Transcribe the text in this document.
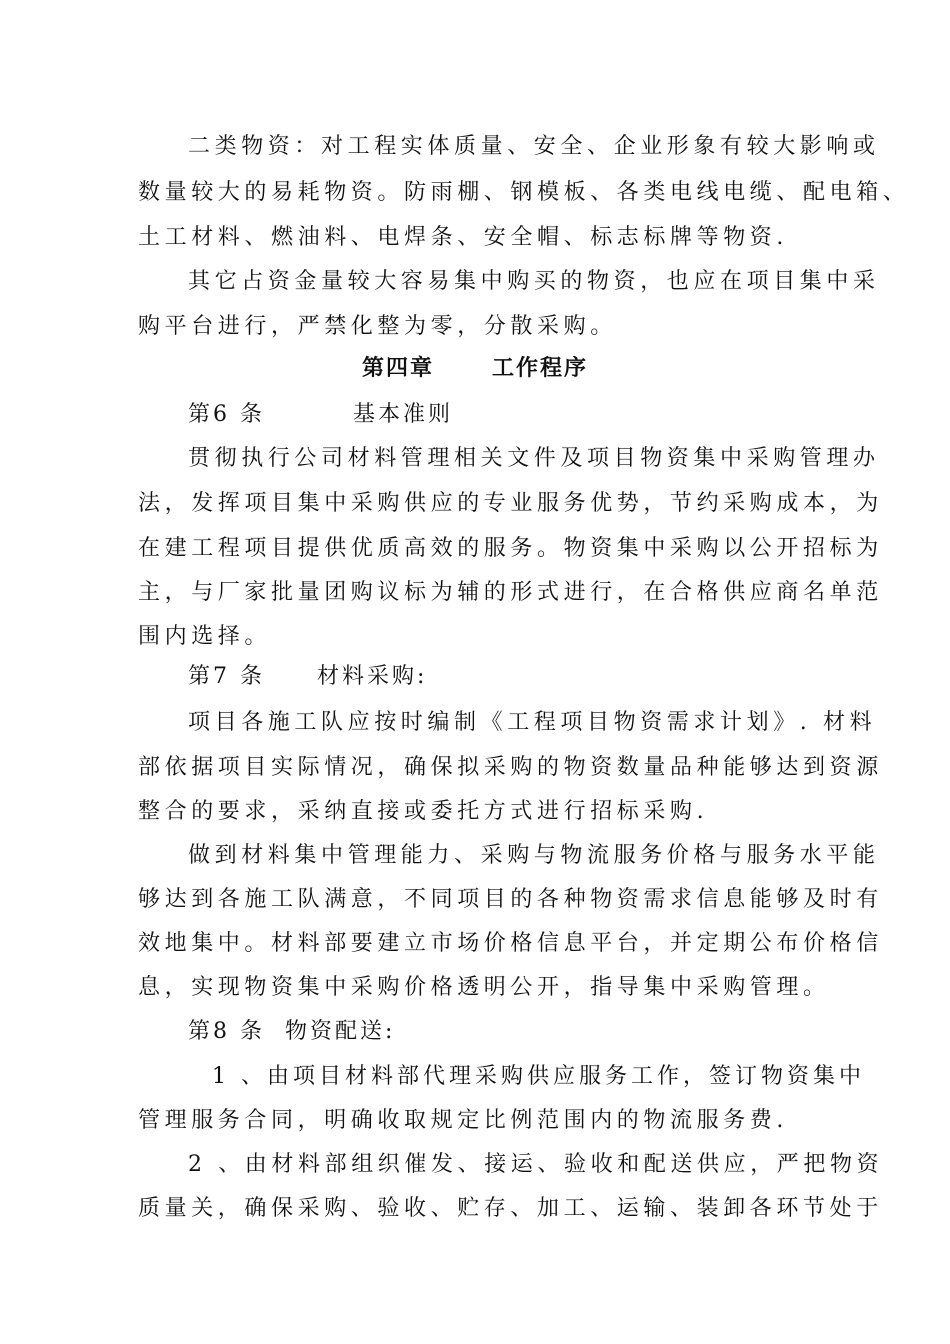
二类物资：对工程实体质量、安全、企业形象有较大影响或
数量较大的易耗物资。防雨棚、钢模板、各类电线电缆、配电箱、
土工材料、燃油料、电焊条、安全帽、标志标牌等物资.
其它占资金量较大容易集中购买的物资，也应在项目集中采
购平台进行，严禁化整为零，分散采购。
第四章      工作程序
第6 条	基本准则
贯彻执行公司材料管理相关文件及项目物资集中采购管理办
法，发挥项目集中采购供应的专业服务优势，节约采购成本，为
在建工程项目提供优质高效的服务。物资集中采购以公开招标为
主，与厂家批量团购议标为辅的形式进行，在合格供应商名单范
围内选择。
第7 条 材料采购:
项目各施工队应按时编制《工程项目物资需求计划》. 材料
部依据项目实际情况，确保拟采购的物资数量品种能够达到资源
整合的要求，采纳直接或委托方式进行招标采购.
做到材料集中管理能力、采购与物流服务价格与服务水平能
够达到各施工队满意，不同项目的各种物资需求信息能够及时有
效地集中。材料部要建立市场价格信息平台，并定期公布价格信
息，实现物资集中采购价格透明公开，指导集中采购管理。
第8 条 物资配送:
1 、由项目材料部代理采购供应服务工作，签订物资集中
管理服务合同，明确收取规定比例范围内的物流服务费.
2 、由材料部组织催发、接运、验收和配送供应，严把物资
质量关，确保采购、验收、贮存、加工、运输、装卸各环节处于
